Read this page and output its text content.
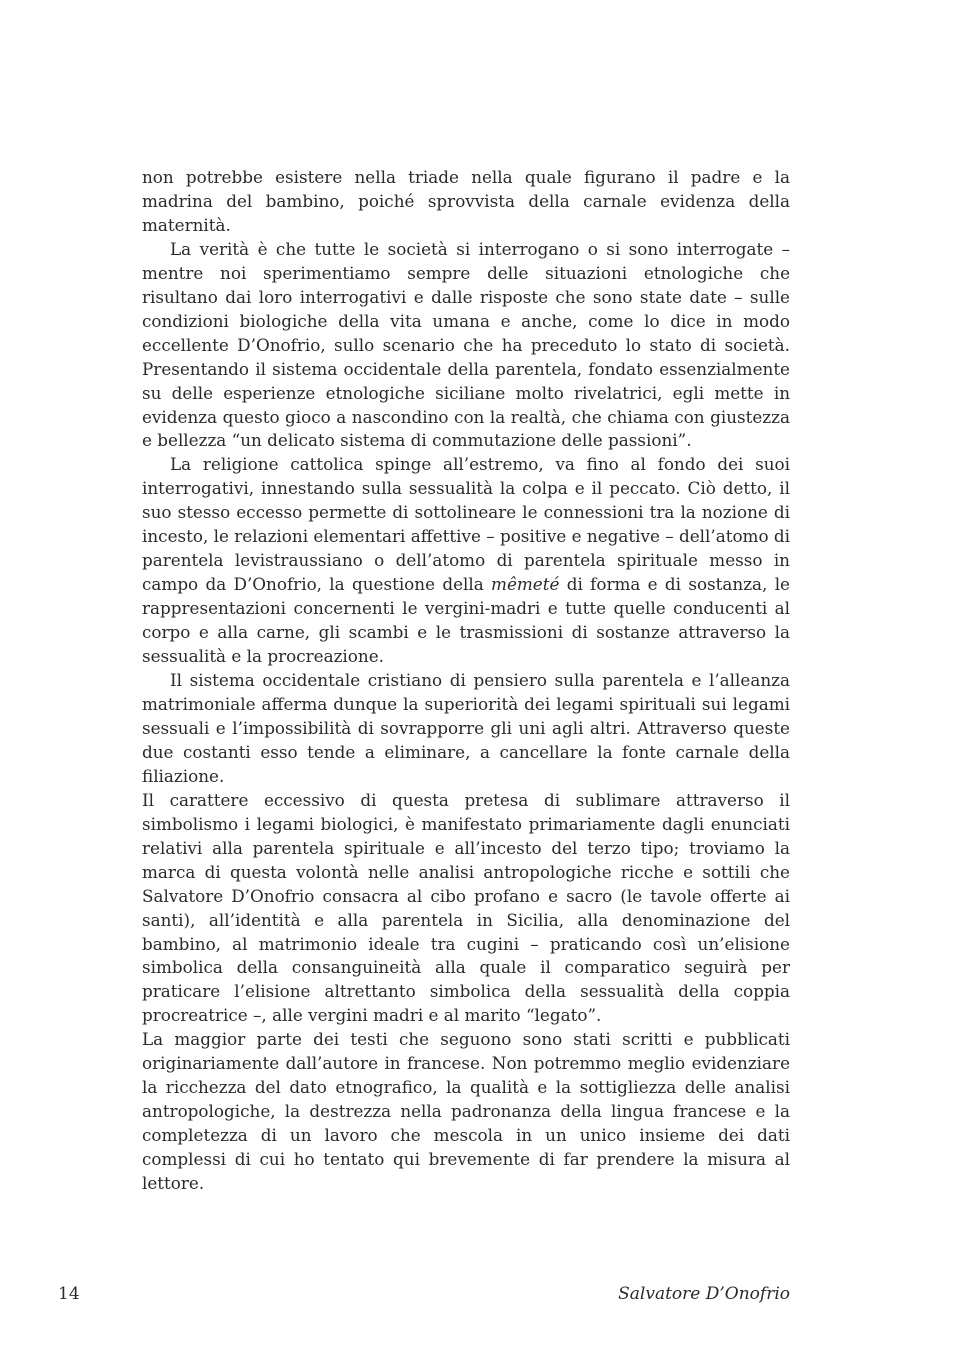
non potrebbe esistere nella triade nella quale figurano il padre e la madrina del bambino, poiché sprovvista della carnale evidenza della maternità.

La verità è che tutte le società si interrogano o si sono interrogate – mentre noi sperimentiamo sempre delle situazioni etnologiche che risultano dai loro interrogativi e dalle risposte che sono state date – sulle condizioni biologiche della vita umana e anche, come lo dice in modo eccellente D’Onofrio, sullo scenario che ha preceduto lo stato di società. Presentando il sistema occidentale della parentela, fondato essenzialmente su delle esperienze etnologiche siciliane molto rivelatrici, egli mette in evidenza questo gioco a nascondino con la realtà, che chiama con giustezza e bellezza “un delicato sistema di commutazione delle passioni”.

La religione cattolica spinge all’estremo, va fino al fondo dei suoi interrogativi, innestando sulla sessualità la colpa e il peccato. Ciò detto, il suo stesso eccesso permette di sottolineare le connessioni tra la nozione di incesto, le relazioni elementari affettive – positive e negative – dell’atomo di parentela levistraussiano o dell’atomo di parentela spirituale messo in campo da D’Onofrio, la questione della mêmeté di forma e di sostanza, le rappresentazioni concernenti le vergini-madri e tutte quelle conducenti al corpo e alla carne, gli scambi e le trasmissioni di sostanze attraverso la sessualità e la procreazione.

Il sistema occidentale cristiano di pensiero sulla parentela e l’alleanza matrimoniale afferma dunque la superiorità dei legami spirituali sui legami sessuali e l’impossibilità di sovrapporre gli uni agli altri. Attraverso queste due costanti esso tende a eliminare, a cancellare la fonte carnale della filiazione.

Il carattere eccessivo di questa pretesa di sublimare attraverso il simbolismo i legami biologici, è manifestato primariamente dagli enunciati relativi alla parentela spirituale e all’incesto del terzo tipo; troviamo la marca di questa volontà nelle analisi antropologiche ricche e sottili che Salvatore D’Onofrio consacra al cibo profano e sacro (le tavole offerte ai santi), all’identità e alla parentela in Sicilia, alla denominazione del bambino, al matrimonio ideale tra cugini – praticando così un’elisione simbolica della consanguineità alla quale il comparatico seguirà per praticare l’elisione altrettanto simbolica della sessualità della coppia procreatrice –, alle vergini madri e al marito “legato”.

La maggior parte dei testi che seguono sono stati scritti e pubblicati originariamente dall’autore in francese. Non potremmo meglio evidenziare la ricchezza del dato etnografico, la qualità e la sottigliezza delle analisi antropologiche, la destrezza nella padronanza della lingua francese e la completezza di un lavoro che mescola in un unico insieme dei dati complessi di cui ho tentato qui brevemente di far prendere la misura al lettore.

14	Salvatore D’Onofrio
